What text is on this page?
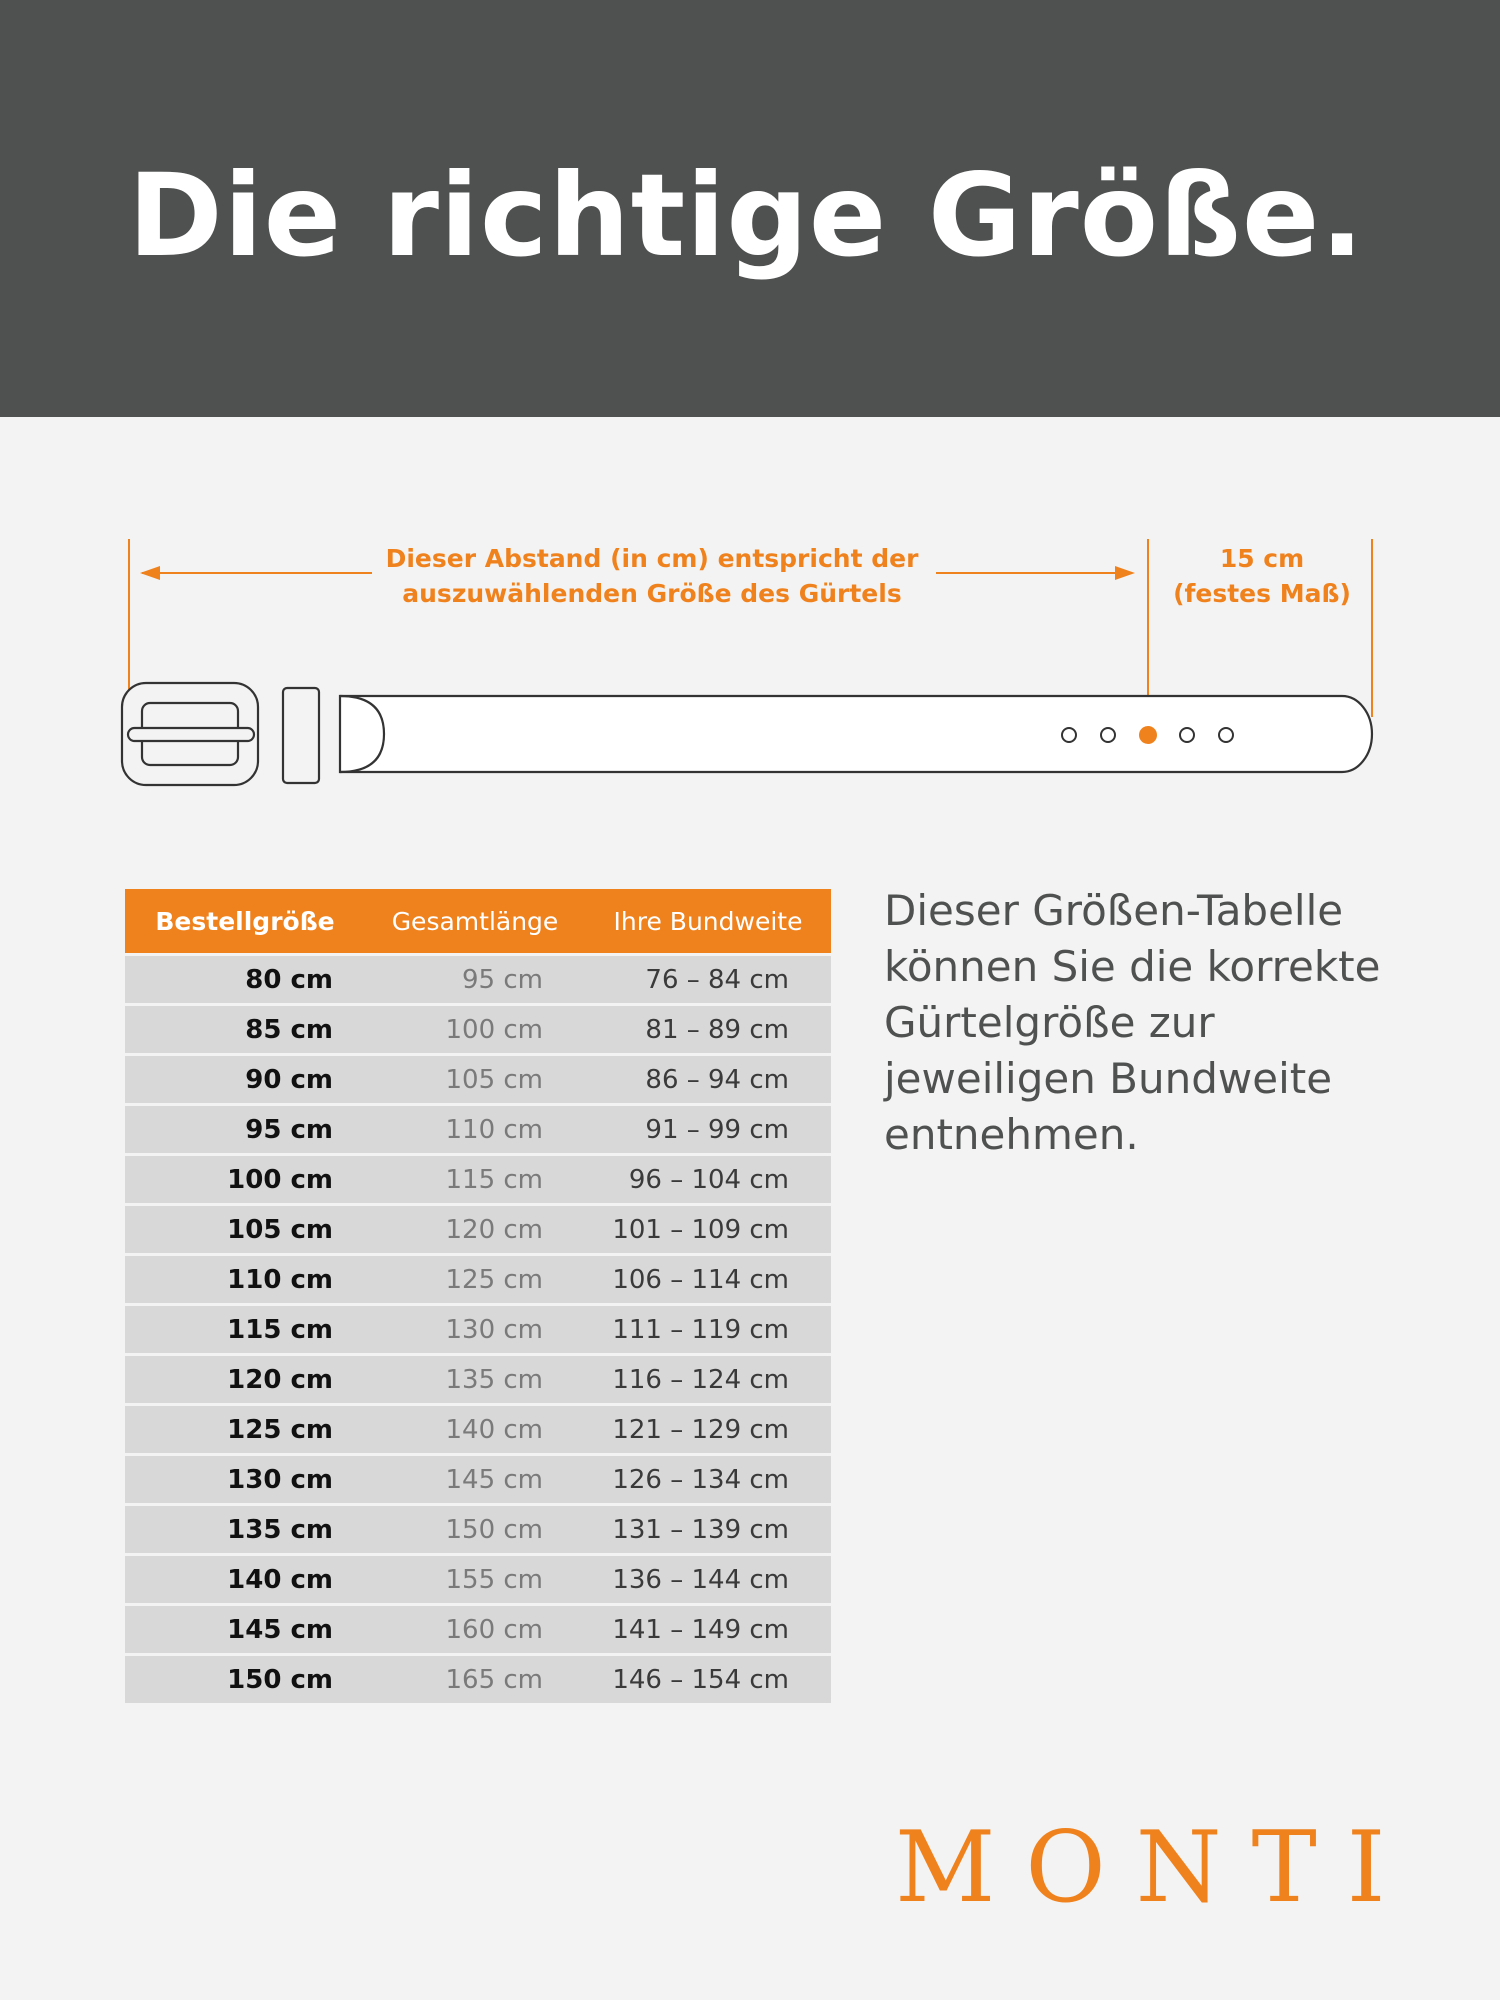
Die richtige Größe.
Dieser Abstand (in cm) entspricht der
auszuwählenden Größe des Gürtels
15 cm
(festes Maß)
Bestellgröße	Gesamtlänge	Ihre Bundweite
80 cm	95 cm	76 – 84 cm
85 cm	100 cm	81 – 89 cm
90 cm	105 cm	86 – 94 cm
95 cm	110 cm	91 – 99 cm
100 cm	115 cm	96 – 104 cm
105 cm	120 cm	101 – 109 cm
110 cm	125 cm	106 – 114 cm
115 cm	130 cm	111 – 119 cm
120 cm	135 cm	116 – 124 cm
125 cm	140 cm	121 – 129 cm
130 cm	145 cm	126 – 134 cm
135 cm	150 cm	131 – 139 cm
140 cm	155 cm	136 – 144 cm
145 cm	160 cm	141 – 149 cm
150 cm	165 cm	146 – 154 cm

Dieser Größen-Tabelle
können Sie die korrekte
Gürtelgröße zur
jeweiligen Bundweite
entnehmen.

MONTI
